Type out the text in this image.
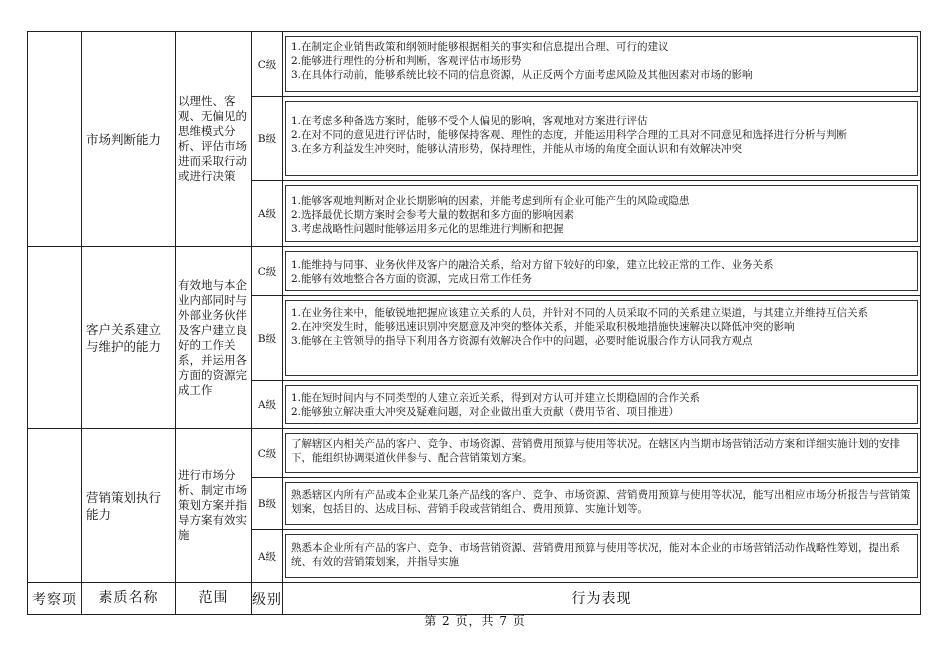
	市场判断能力	以理性、客观、无偏见的思维模式分析、评估市场进而采取行动或进行决策	C级	1.在制定企业销售政策和纲领时能够根据相关的事实和信息提出合理、可行的建议
2.能够进行理性的分析和判断，客观评估市场形势
3.在具体行动前，能够系统比较不同的信息资源，从正反两个方面考虑风险及其他因素对市场的影响

			B级	1.在考虑多种备选方案时，能够不受个人偏见的影响，客观地对方案进行评估
2.在对不同的意见进行评估时，能够保持客观、理性的态度，并能运用科学合理的工具对不同意见和选择进行分析与判断
3.在多方利益发生冲突时，能够认清形势，保持理性，并能从市场的角度全面认识和有效解决冲突

			A级	1.能够客观地判断对企业长期影响的因素，并能考虑到所有企业可能产生的风险或隐患
2.选择最优长期方案时会参考大量的数据和多方面的影响因素
3.考虑战略性问题时能够运用多元化的思维进行判断和把握

	客户关系建立与维护的能力	有效地与本企业内部同时与外部业务伙伴及客户建立良好的工作关系，并运用各方面的资源完成工作	C级	1.能维持与同事、业务伙伴及客户的融洽关系，给对方留下较好的印象，建立比较正常的工作、业务关系
2.能够有效地整合各方面的资源，完成日常工作任务

			B级	1.在业务往来中，能敏锐地把握应该建立关系的人员，并针对不同的人员采取不同的关系建立渠道，与其建立并维持互信关系
2.在冲突发生时，能够迅速识别冲突愿意及冲突的整体关系，并能采取积极地措施快速解决以降低冲突的影响
3.能够在主管领导的指导下利用各方资源有效解决合作中的问题，必要时能说服合作方认同我方观点

			A级	1.能在短时间内与不同类型的人建立亲近关系，得到对方认可并建立长期稳固的合作关系
2.能够独立解决重大冲突及疑难问题，对企业做出重大贡献（费用节省、项目推进）

	营销策划执行能力	进行市场分析、制定市场策划方案并指导方案有效实施	C级	了解辖区内相关产品的客户、竞争、市场资源、营销费用预算与使用等状况。在辖区内当期市场营销活动方案和详细实施计划的安排下，能组织协调渠道伙伴参与、配合营销策划方案。

			B级	熟悉辖区内所有产品或本企业某几条产品线的客户、竞争、市场资源、营销费用预算与使用等状况，能写出相应市场分析报告与营销策划案，包括目的、达成目标、营销手段或营销组合、费用预算、实施计划等。

			A级	熟悉本企业所有产品的客户、竞争、市场营销资源、营销费用预算与使用等状况，能对本企业的市场营销活动作战略性筹划，提出系统、有效的营销策划案，并指导实施

考察项	素质名称	范围	级别	行为表现
第 2 页，共 7 页
